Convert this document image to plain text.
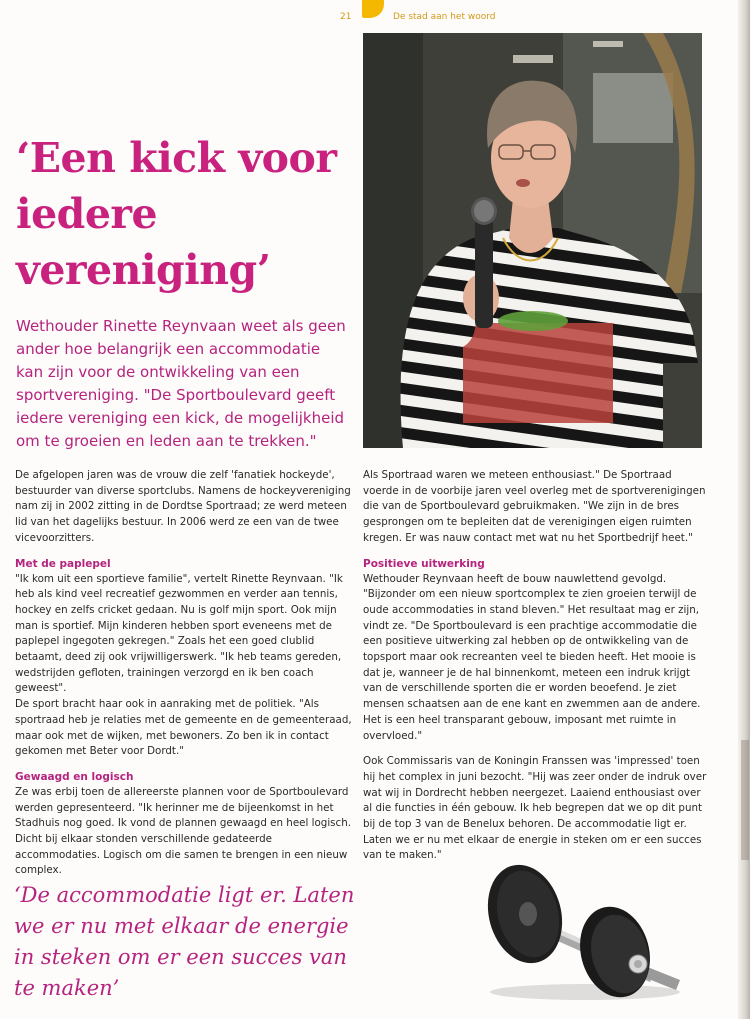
21	De stad aan het woord
‘Een kick voor iedere vereniging’
Wethouder Rinette Reynvaan weet als geen ander hoe belangrijk een accommodatie kan zijn voor de ontwikkeling van een sportvereniging. "De Sportboulevard geeft iedere vereniging een kick, de mogelijkheid om te groeien en leden aan te trekken."

De afgelopen jaren was de vrouw die zelf 'fanatiek hockeyde', bestuurder van diverse sportclubs. Namens de hockeyvereniging nam zij in 2002 zitting in de Dordtse Sportraad; ze werd meteen lid van het dagelijks bestuur. In 2006 werd ze een van de twee vicevoorzitters.

Met de paplepel

"Ik kom uit een sportieve familie", vertelt Rinette Reynvaan. "Ik heb als kind veel recreatief gezwommen en verder aan tennis, hockey en zelfs cricket gedaan. Nu is golf mijn sport. Ook mijn man is sportief. Mijn kinderen hebben sport eveneens met de paplepel ingegoten gekregen." Zoals het een goed clublid betaamt, deed zij ook vrijwilligerswerk. "Ik heb teams gereden, wedstrijden gefloten, trainingen verzorgd en ik ben coach geweest".

De sport bracht haar ook in aanraking met de politiek. "Als sportraad heb je relaties met de gemeente en de gemeenteraad, maar ook met de wijken, met bewoners. Zo ben ik in contact gekomen met Beter voor Dordt."

Gewaagd en logisch

Ze was erbij toen de allereerste plannen voor de Sportboulevard werden gepresenteerd. "Ik herinner me de bijeenkomst in het Stadhuis nog goed. Ik vond de plannen gewaagd en heel logisch. Dicht bij elkaar stonden verschillende gedateerde accommodaties. Logisch om die samen te brengen in een nieuw complex.

Als Sportraad waren we meteen enthousiast." De Sportraad voerde in de voorbije jaren veel overleg met de sportverenigingen die van de Sportboulevard gebruikmaken. "We zijn in de bres gesprongen om te bepleiten dat de verenigingen eigen ruimten kregen. Er was nauw contact met wat nu het Sportbedrijf heet."

Positieve uitwerking

Wethouder Reynvaan heeft de bouw nauwlettend gevolgd. "Bijzonder om een nieuw sportcomplex te zien groeien terwijl de oude accommodaties in stand bleven." Het resultaat mag er zijn, vindt ze. "De Sportboulevard is een prachtige accommodatie die een positieve uitwerking zal hebben op de ontwikkeling van de topsport maar ook recreanten veel te bieden heeft. Het mooie is dat je, wanneer je de hal binnenkomt, meteen een indruk krijgt van de verschillende sporten die er worden beoefend. Je ziet mensen schaatsen aan de ene kant en zwemmen aan de andere. Het is een heel transparant gebouw, imposant met ruimte in overvloed."

Ook Commissaris van de Koningin Franssen was 'impressed' toen hij het complex in juni bezocht. "Hij was zeer onder de indruk over wat wij in Dordrecht hebben neergezet. Laaiend enthousiast over al die functies in één gebouw. Ik heb begrepen dat we op dit punt bij de top 3 van de Benelux behoren. De accommodatie ligt er. Laten we er nu met elkaar de energie in steken om er een succes van te maken."

‘De accommodatie ligt er. Laten we er nu met elkaar de energie in steken om er een succes van te maken’
